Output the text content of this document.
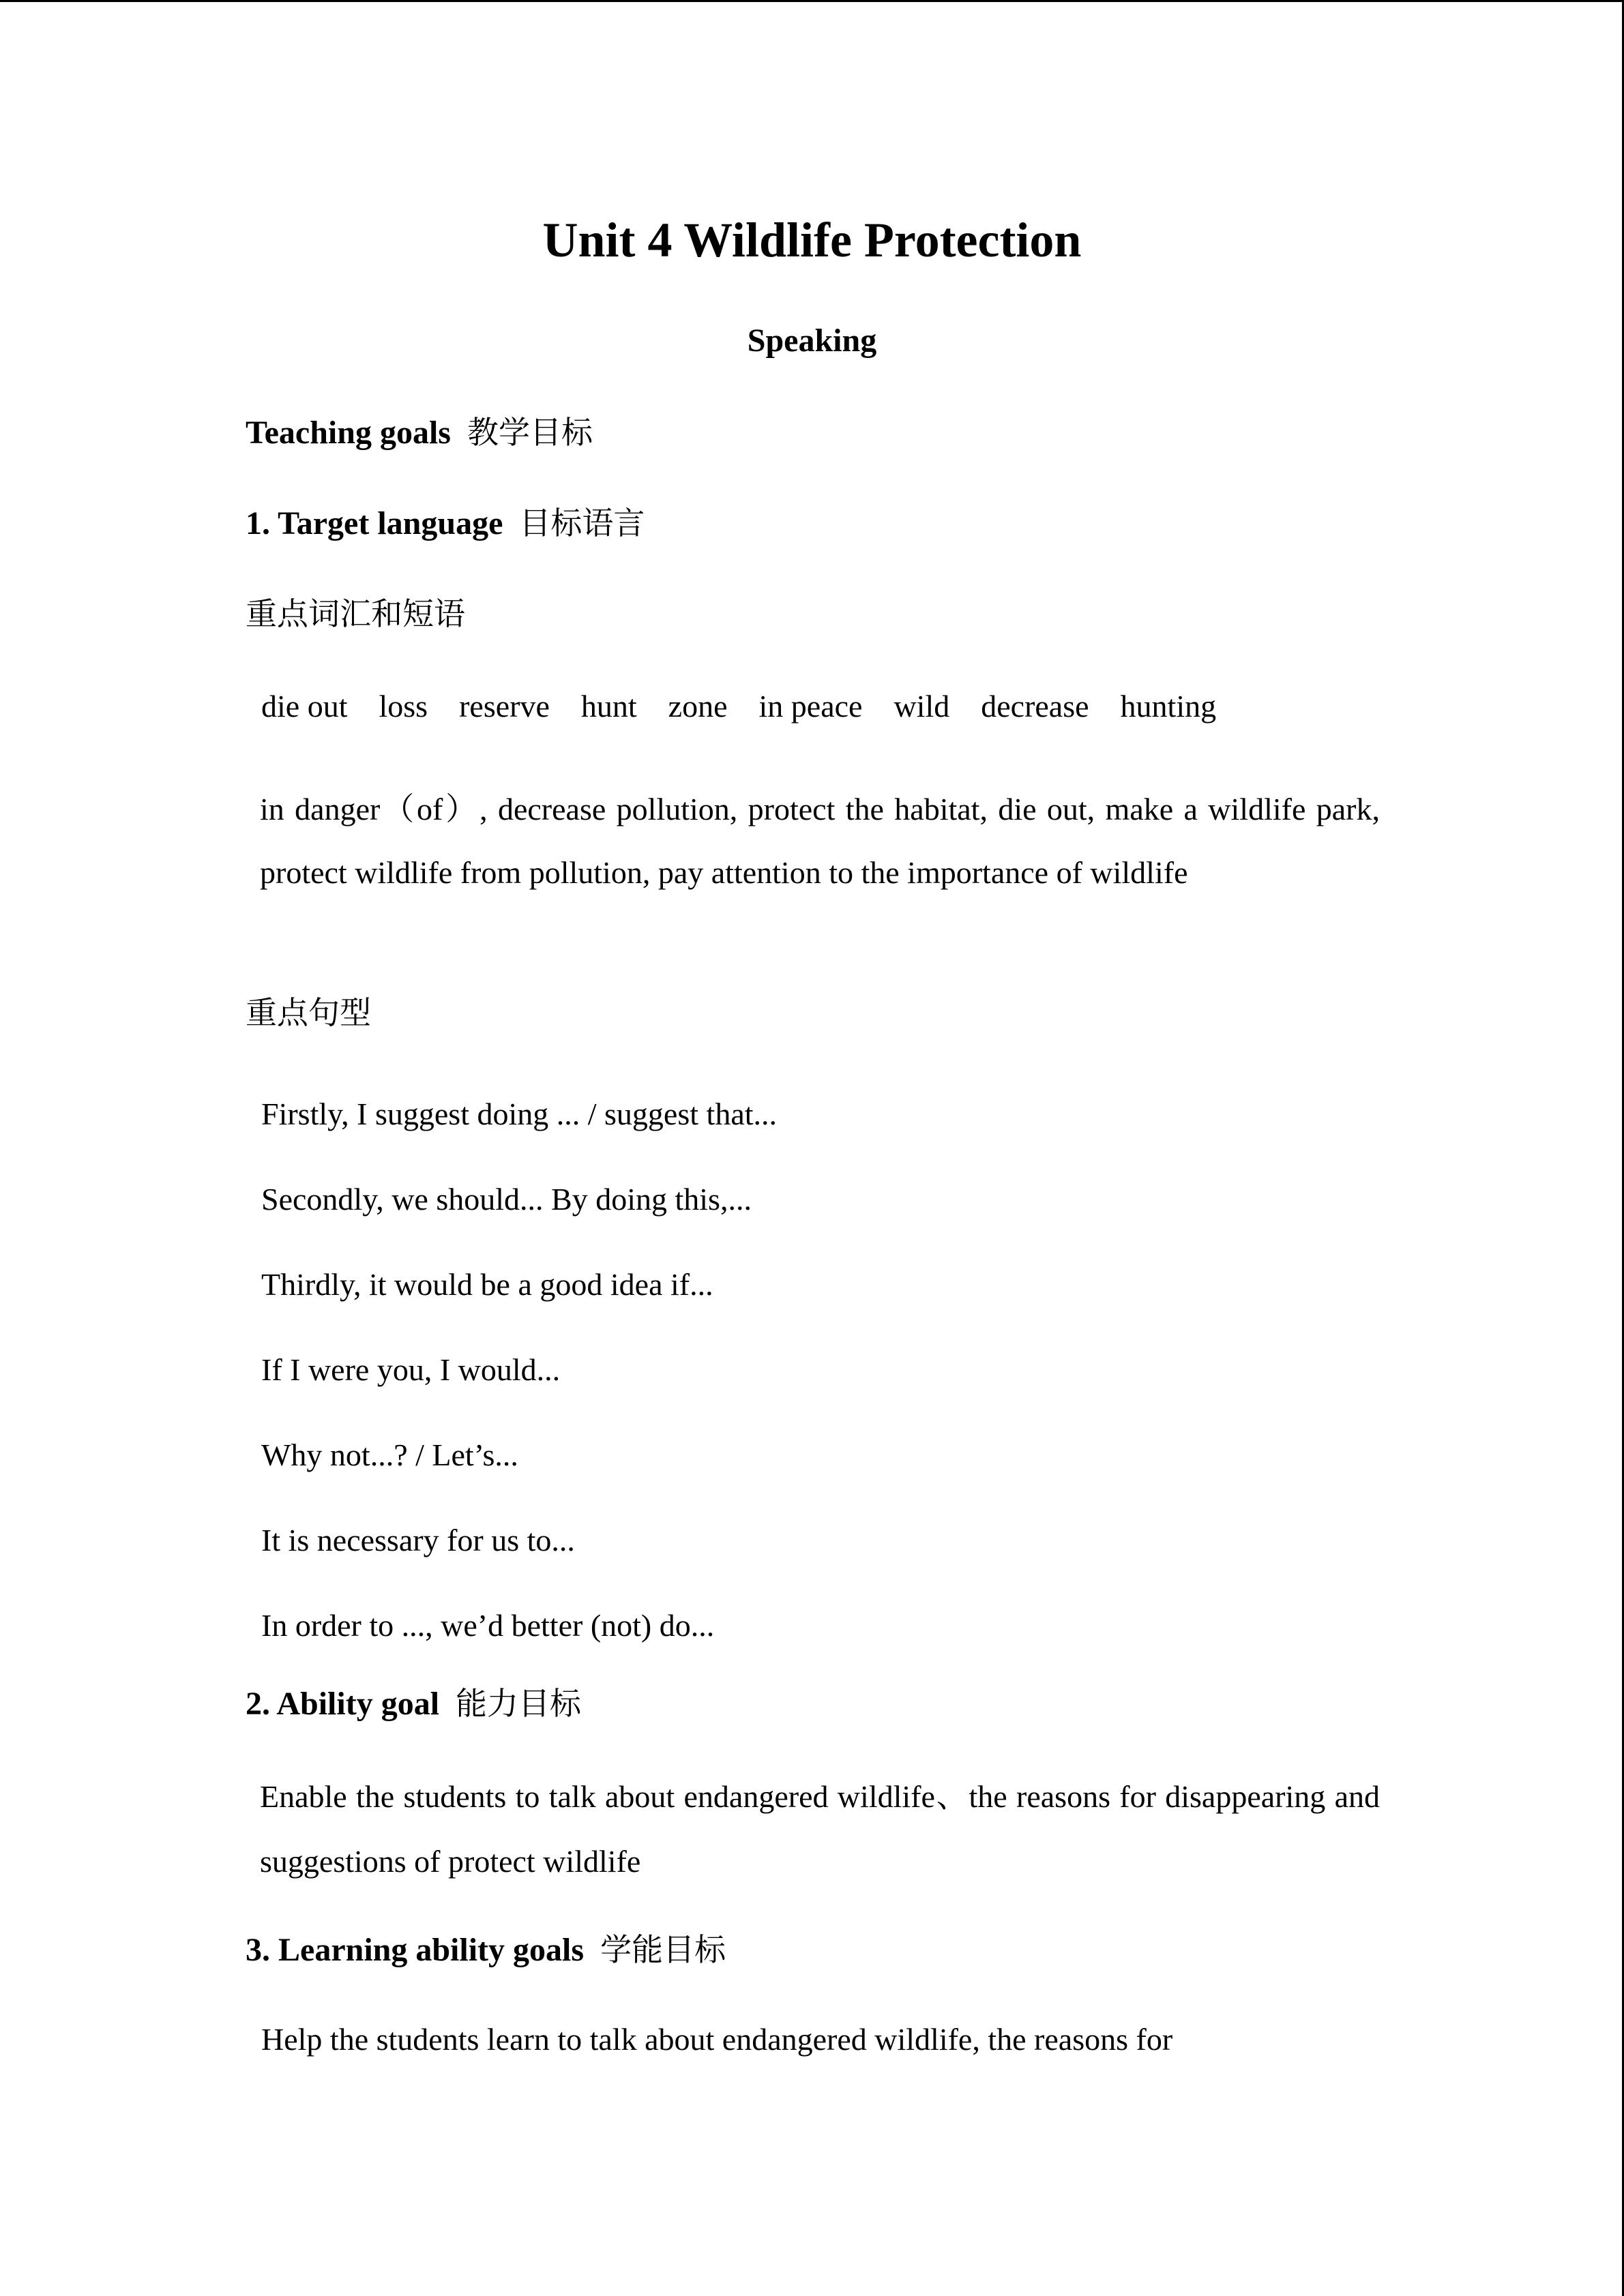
Unit 4 Wildlife Protection
Speaking
Teaching goals 教学目标
1. Target language 目标语言
重点词汇和短语
die out loss reserve hunt zone in peace wild decrease hunting
in danger（of）, decrease pollution, protect the habitat, die out, make a wildlife park, protect wildlife from pollution, pay attention to the importance of wildlife
重点句型
Firstly, I suggest doing ... / suggest that...
Secondly, we should... By doing this,...
Thirdly, it would be a good idea if...
If I were you, I would...
Why not...? / Let’s...
It is necessary for us to...
In order to ..., we’d better (not) do...
2. Ability goal 能力目标
Enable the students to talk about endangered wildlife、the reasons for disappearing and suggestions of protect wildlife
3. Learning ability goals 学能目标
Help the students learn to talk about endangered wildlife, the reasons for
